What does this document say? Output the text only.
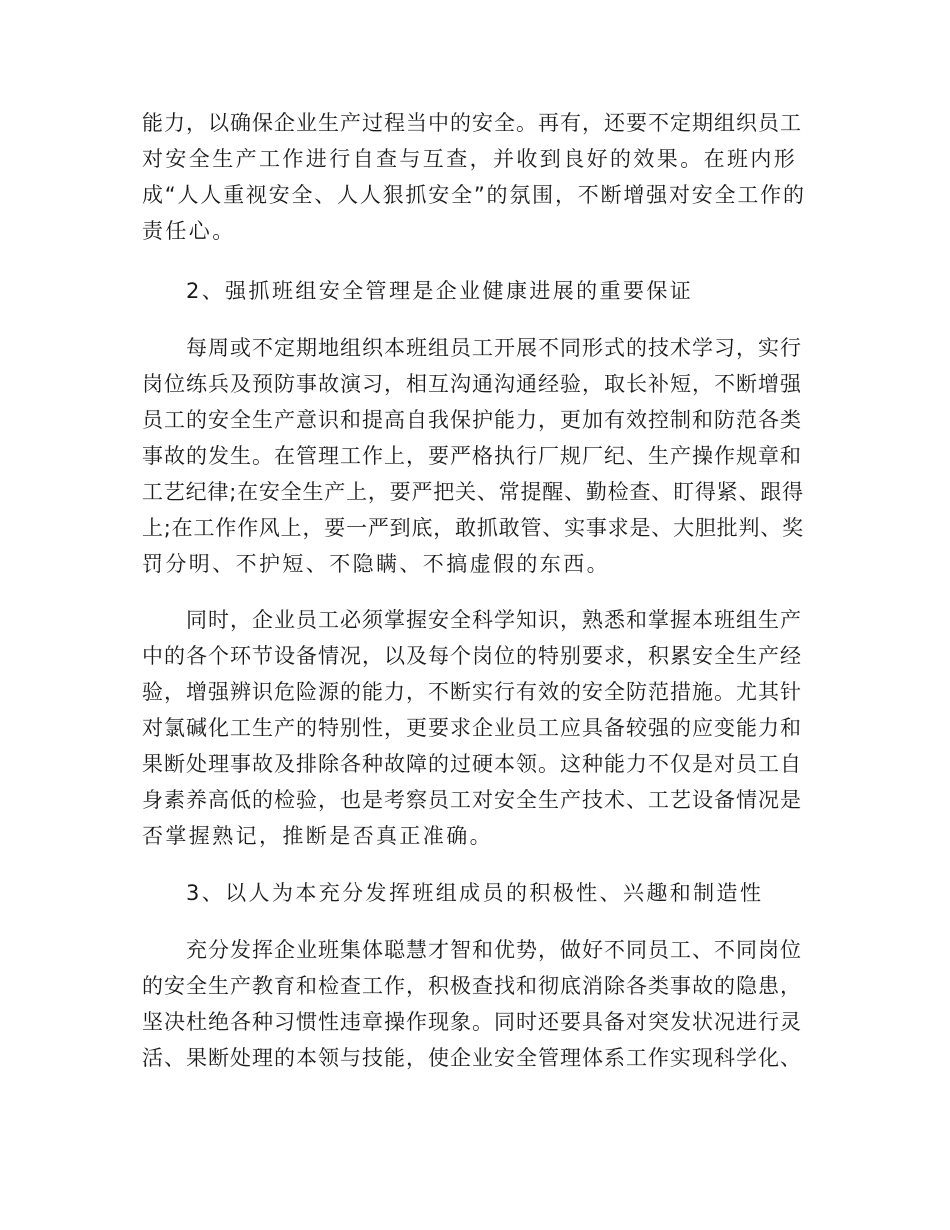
能力，以确保企业生产过程当中的安全。再有，还要不定期组织员工
对安全生产工作进行自查与互查，并收到良好的效果。在班内形
成“人人重视安全、人人狠抓安全”的氛围，不断增强对安全工作的
责任心。
2、强抓班组安全管理是企业健康进展的重要保证
每周或不定期地组织本班组员工开展不同形式的技术学习，实行
岗位练兵及预防事故演习，相互沟通沟通经验，取长补短，不断增强
员工的安全生产意识和提高自我保护能力，更加有效控制和防范各类
事故的发生。在管理工作上，要严格执行厂规厂纪、生产操作规章和
工艺纪律;在安全生产上，要严把关、常提醒、勤检查、盯得紧、跟得
上;在工作作风上，要一严到底，敢抓敢管、实事求是、大胆批判、奖
罚分明、不护短、不隐瞒、不搞虚假的东西。
同时，企业员工必须掌握安全科学知识，熟悉和掌握本班组生产
中的各个环节设备情况，以及每个岗位的特别要求，积累安全生产经
验，增强辨识危险源的能力，不断实行有效的安全防范措施。尤其针
对氯碱化工生产的特别性，更要求企业员工应具备较强的应变能力和
果断处理事故及排除各种故障的过硬本领。这种能力不仅是对员工自
身素养高低的检验，也是考察员工对安全生产技术、工艺设备情况是
否掌握熟记，推断是否真正准确。
3、以人为本充分发挥班组成员的积极性、兴趣和制造性
充分发挥企业班集体聪慧才智和优势，做好不同员工、不同岗位
的安全生产教育和检查工作，积极查找和彻底消除各类事故的隐患，
坚决杜绝各种习惯性违章操作现象。同时还要具备对突发状况进行灵
活、果断处理的本领与技能，使企业安全管理体系工作实现科学化、
